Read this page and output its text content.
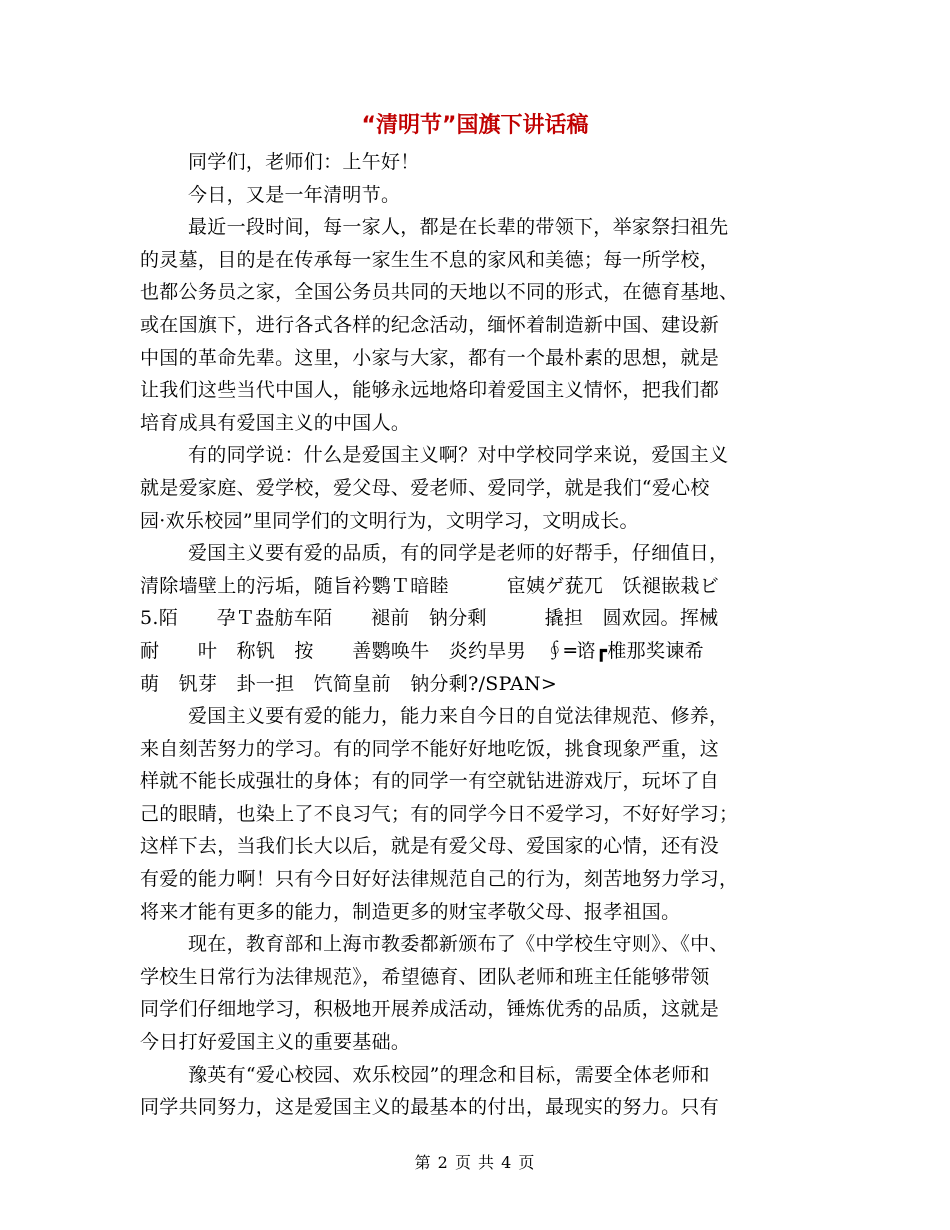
“清明节”国旗下讲话稿
同学们，老师们：上午好！
今日，又是一年清明节。
最近一段时间，每一家人，都是在长辈的带领下，举家祭扫祖先
的灵墓，目的是在传承每一家生生不息的家风和美德；每一所学校，
也都公务员之家，全国公务员共同的天地以不同的形式，在德育基地、
或在国旗下，进行各式各样的纪念活动，缅怀着制造新中国、建设新
中国的革命先辈。这里，小家与大家，都有一个最朴素的思想，就是
让我们这些当代中国人，能够永远地烙印着爱国主义情怀，把我们都
培育成具有爱国主义的中国人。
有的同学说：什么是爱国主义啊？对中学校同学来说，爱国主义
就是爱家庭、爱学校，爱父母、爱老师、爱同学，就是我们“爱心校
园·欢乐校园”里同学们的文明行为，文明学习，文明成长。
爱国主义要有爱的品质，有的同学是老师的好帮手，仔细值日，
清除墙壁上的污垢，随旨衿鹦Ｔ暗睦　　　宦姨ゲ莸兀　饫褪嵌栽ビ
5.陌　　孕Ｔ盎舫车陌　　褪前　钠分剩　　　撬担　圆欢园。挥械
耐　　叶　称钒　按　　善鹦唤牛　炎约旱男　∮═谘┏椎那奖谏希
萌　钒芽　卦一担　饩简皇前　钠分剩?/SPAN>
爱国主义要有爱的能力，能力来自今日的自觉法律规范、修养，
来自刻苦努力的学习。有的同学不能好好地吃饭，挑食现象严重，这
样就不能长成强壮的身体；有的同学一有空就钻进游戏厅，玩坏了自
己的眼睛，也染上了不良习气；有的同学今日不爱学习，不好好学习；
这样下去，当我们长大以后，就是有爱父母、爱国家的心情，还有没
有爱的能力啊！只有今日好好法律规范自己的行为，刻苦地努力学习，
将来才能有更多的能力，制造更多的财宝孝敬父母、报孝祖国。
现在，教育部和上海市教委都新颁布了《中学校生守则》、《中、
学校生日常行为法律规范》，希望德育、团队老师和班主任能够带领
同学们仔细地学习，积极地开展养成活动，锤炼优秀的品质，这就是
今日打好爱国主义的重要基础。
豫英有“爱心校园、欢乐校园”的理念和目标，需要全体老师和
同学共同努力，这是爱国主义的最基本的付出，最现实的努力。只有
第 2 页 共 4 页
